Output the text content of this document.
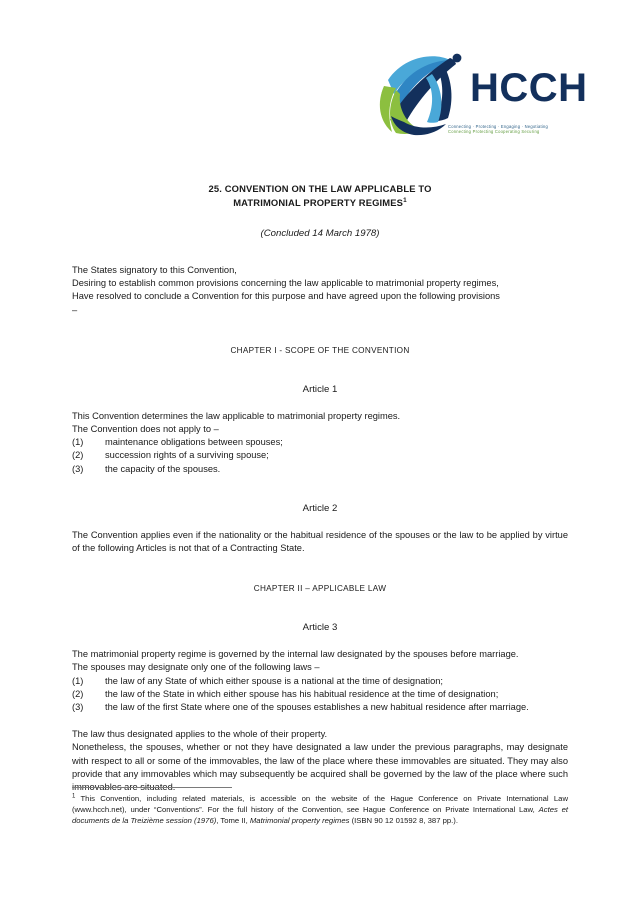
HCCH
Connecting · Protecting · Engaging · Negotiating
Connecting Protecting Cooperating Securing
25. CONVENTION ON THE LAW APPLICABLE TO
MATRIMONIAL PROPERTY REGIMES$^1$
(Concluded 14 March 1978)
The States signatory to this Convention,
Desiring to establish common provisions concerning the law applicable to matrimonial property regimes,
Have resolved to conclude a Convention for this purpose and have agreed upon the following provisions
–
CHAPTER I - SCOPE OF THE CONVENTION
Article 1
This Convention determines the law applicable to matrimonial property regimes.
The Convention does not apply to –
(1) maintenance obligations between spouses;
(2) succession rights of a surviving spouse;
(3) the capacity of the spouses.
Article 2
The Convention applies even if the nationality or the habitual residence of the spouses or the law to be applied by virtue of the following Articles is not that of a Contracting State.
CHAPTER II – APPLICABLE LAW
Article 3
The matrimonial property regime is governed by the internal law designated by the spouses before marriage.
The spouses may designate only one of the following laws –
(1) the law of any State of which either spouse is a national at the time of designation;
(2) the law of the State in which either spouse has his habitual residence at the time of designation;
(3) the law of the first State where one of the spouses establishes a new habitual residence after marriage.
The law thus designated applies to the whole of their property.
Nonetheless, the spouses, whether or not they have designated a law under the previous paragraphs, may designate with respect to all or some of the immovables, the law of the place where these immovables are situated. They may also provide that any immovables which may subsequently be acquired shall be governed by the law of the place where such immovables are situated.
$^1$ This Convention, including related materials, is accessible on the website of the Hague Conference on Private International Law (www.hcch.net), under “Conventions”. For the full history of the Convention, see Hague Conference on Private International Law, Actes et documents de la Treizième session (1976), Tome II, Matrimonial property regimes (ISBN 90 12 01592 8, 387 pp.).
